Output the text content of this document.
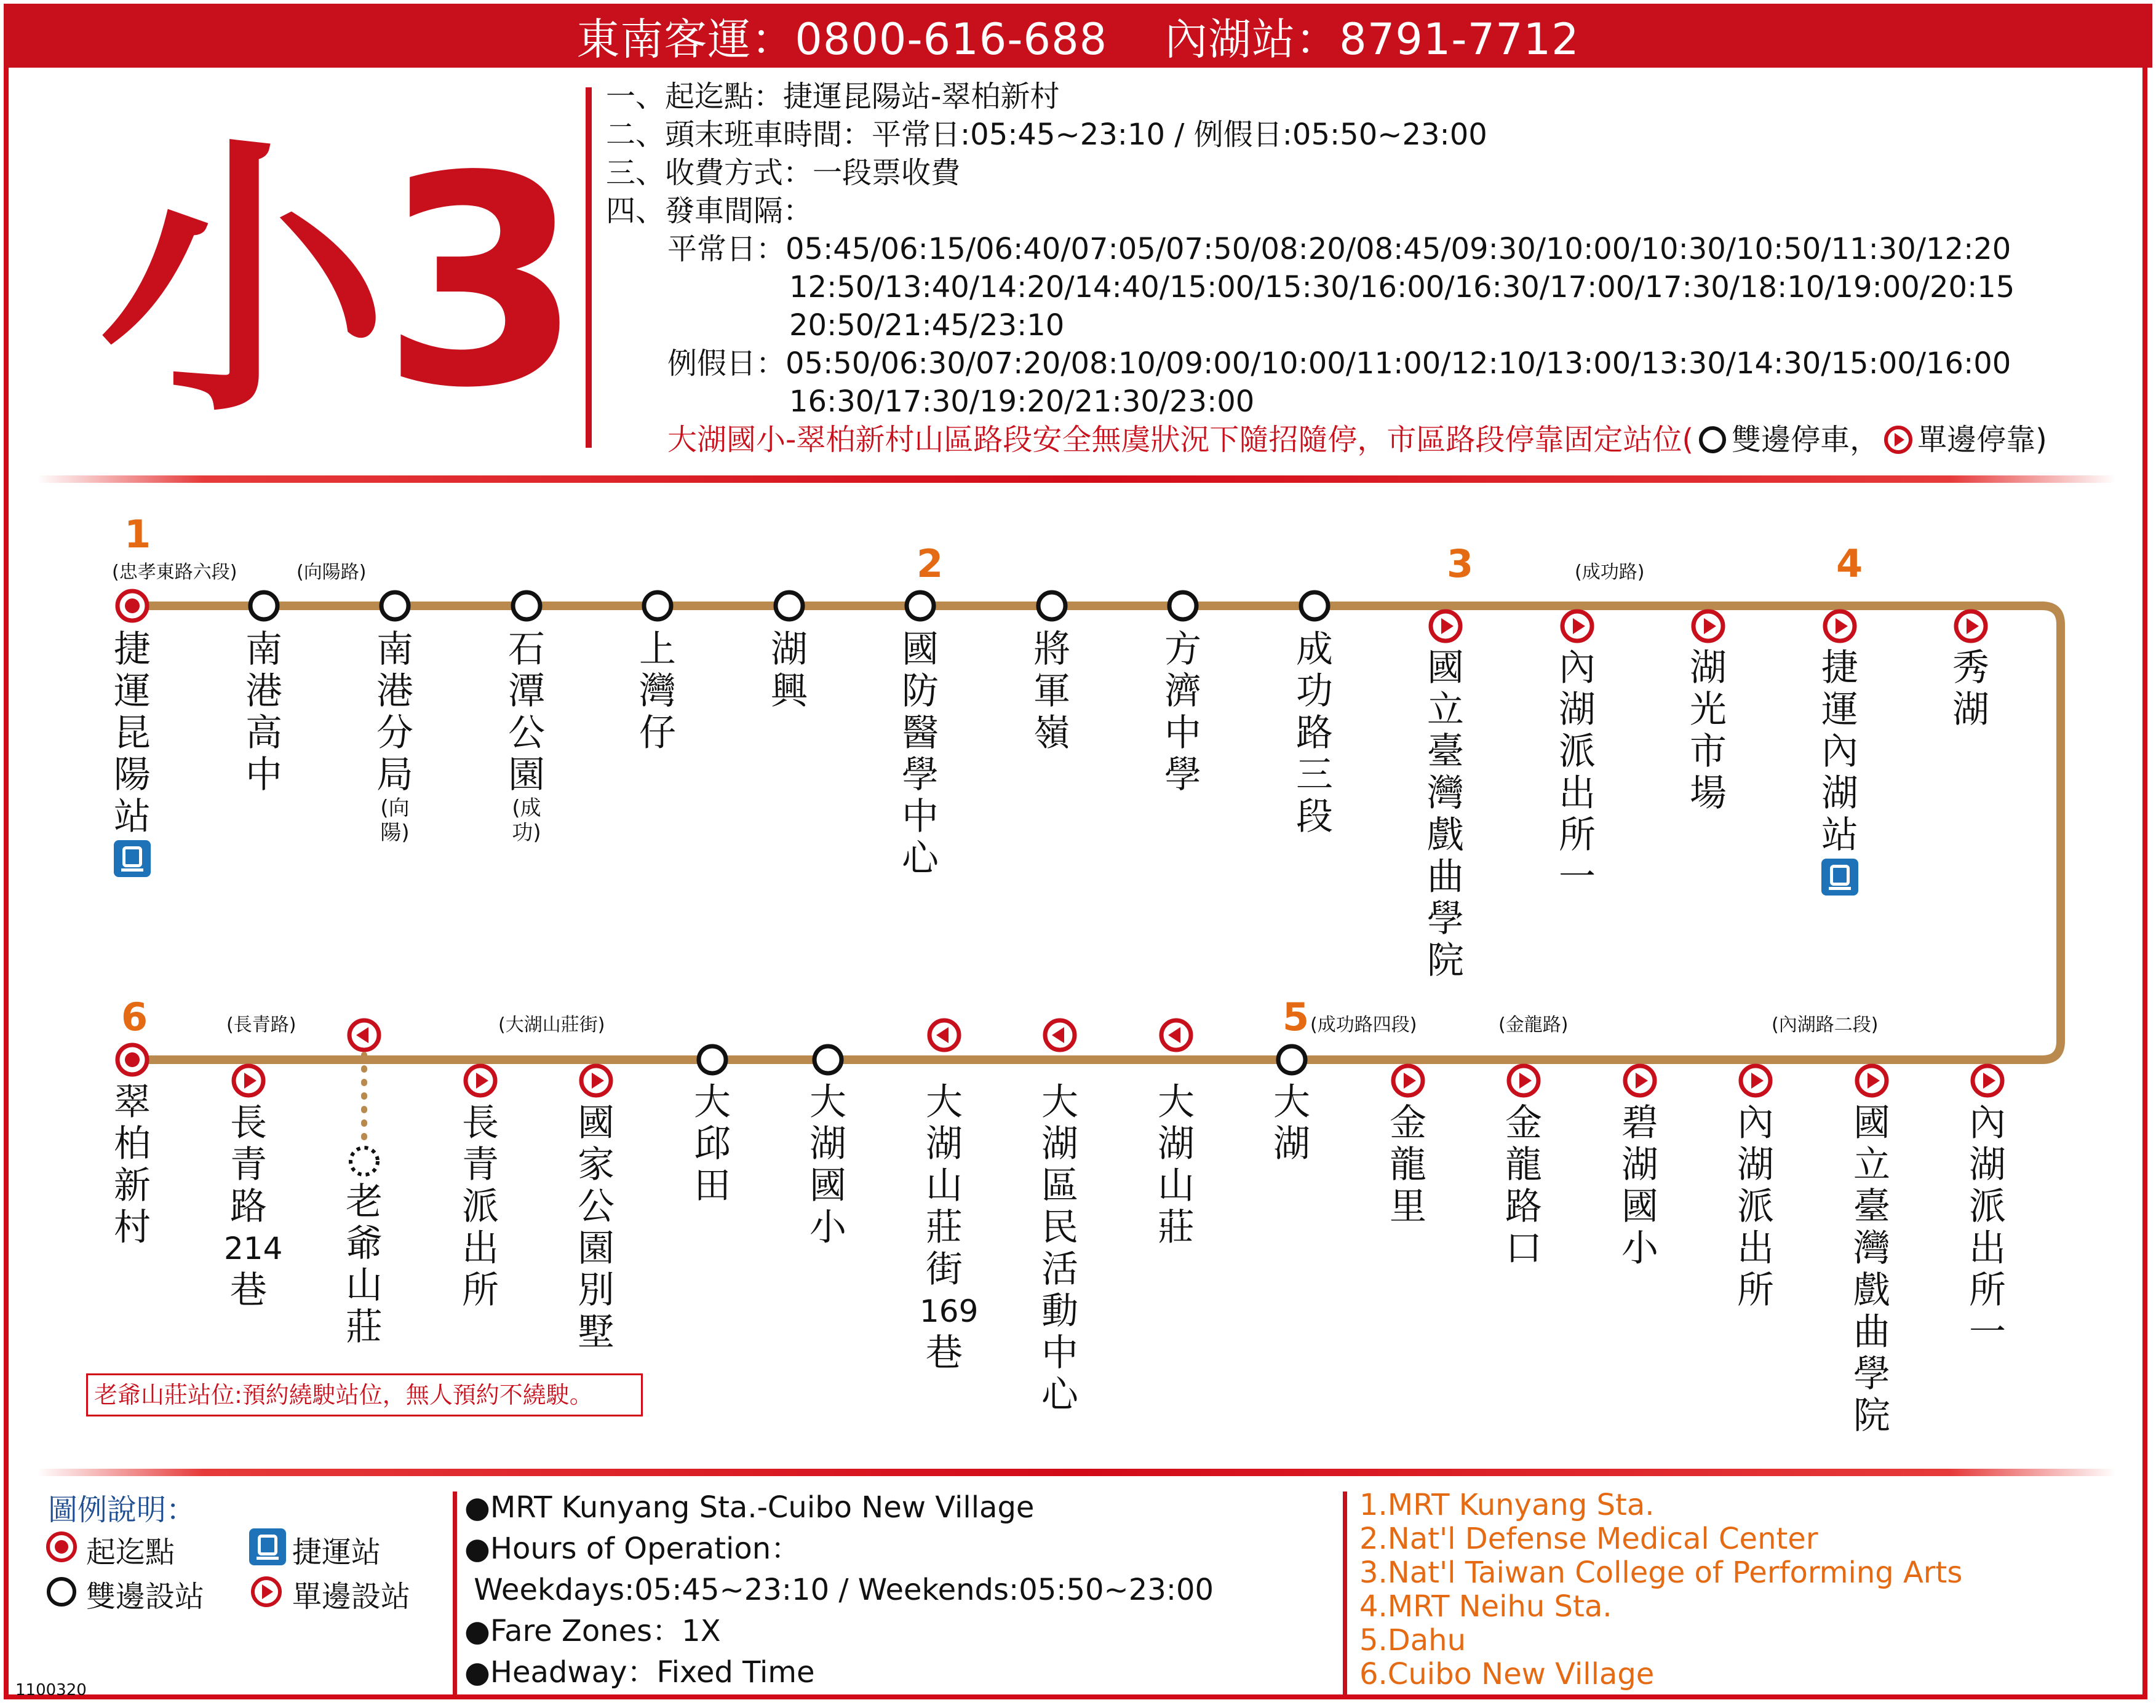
東南客運：0800-616-688    內湖站：8791-7712
小3
一、起迄點：捷運昆陽站-翠柏新村
二、頭末班車時間：平常日:05:45~23:10 / 例假日:05:50~23:00
三、收費方式：一段票收費
四、發車間隔：
平常日：05:45/06:15/06:40/07:05/07:50/08:20/08:45/09:30/10:00/10:30/10:50/11:30/12:20
12:50/13:40/14:20/14:40/15:00/15:30/16:00/16:30/17:00/17:30/18:10/19:00/20:15
20:50/21:45/23:10
例假日：05:50/06:30/07:20/08:10/09:00/10:00/11:00/12:10/13:00/13:30/14:30/15:00/16:00
16:30/17:30/19:20/21:30/23:00
大湖國小-翠柏新村山區路段安全無虞狀況下隨招隨停，市區路段停靠固定站位( 雙邊停車， 單邊停靠)
捷
運
昆
陽
站
南
港
高
中
南
港
分
局
(向陽)
石
潭
公
園
(成功)
上
灣
仔
湖
興
國
防
醫
學
中
心
將
軍
嶺
方
濟
中
學
成
功
路
三
段
國
立
臺
灣
戲
曲
學
院
內
湖
派
出
所
一
湖
光
市
場
捷
運
內
湖
站
秀
湖
翠
柏
新
村
長
青
路
214
巷
老
爺
山
莊
長
青
派
出
所
國
家
公
園
別
墅
大
邱
田
大
湖
國
小
大
湖
山
莊
街
169
巷
大
湖
區
民
活
動
中
心
大
湖
山
莊
大
湖 金
龍
里
金
龍
路
口
碧
湖
國
小
內
湖
派
出
所
國
立
臺
灣
戲
曲
學
院
內
湖
派
出
所
一
1
2	3	4
5
6
(忠孝東路六段)	(向陽路)	(成功路)
(長青路)	(大湖山莊街)	(成功路四段)	(金龍路)	(內湖路二段)
老爺山莊站位:預約繞駛站位，無人預約不繞駛。
圖例說明：
起迄點	捷運站
雙邊設站	單邊設站
●MRT Kunyang Sta.-Cuibo New Village
●Hours of Operation：
Weekdays:05:45~23:10 / Weekends:05:50~23:00
●Fare Zones：1X
●Headway：Fixed Time
1.MRT Kunyang Sta.
2.Nat'l Defense Medical Center
3.Nat'l Taiwan College of Performing Arts
4.MRT Neihu Sta.
5.Dahu
6.Cuibo New Village
1100320
